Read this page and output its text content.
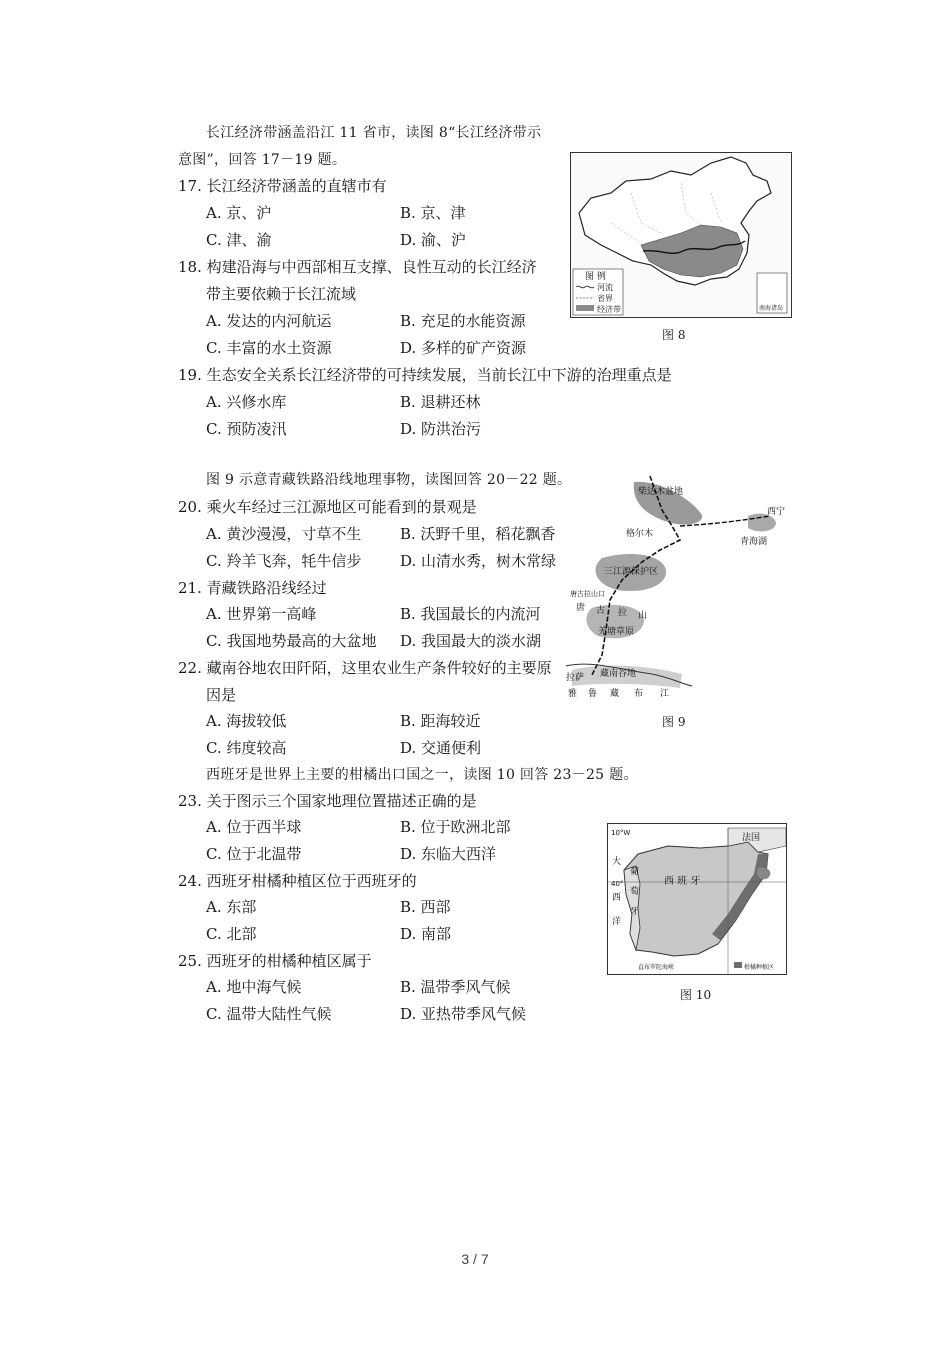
长江经济带涵盖沿江 11 省市，读图 8“长江经济带示
意图”，回答 17－19 题。
17. 长江经济带涵盖的直辖市有
A. 京、沪	B. 京、津
C. 津、渝	D. 渝、沪
18. 构建沿海与中西部相互支撑、良性互动的长江经济
带主要依赖于长江流域
A. 发达的内河航运	B. 充足的水能资源
C. 丰富的水土资源	D. 多样的矿产资源
19. 生态安全关系长江经济带的可持续发展，当前长江中下游的治理重点是
A. 兴修水库	B. 退耕还林
C. 预防凌汛	D. 防洪治污
图 例
河流
省界
经济带	南海诸岛
图 8
图 9 示意青藏铁路沿线地理事物，读图回答 20－22 题。
20. 乘火车经过三江源地区可能看到的景观是
A. 黄沙漫漫，寸草不生	B. 沃野千里，稻花飘香
C. 羚羊飞奔，牦牛信步	D. 山清水秀，树木常绿
21. 青藏铁路沿线经过
A. 世界第一高峰	B. 我国最长的内流河
C. 我国地势最高的大盆地 D. 我国最大的淡水湖
22. 藏南谷地农田阡陌，这里农业生产条件较好的主要原
因是
A. 海拔较低	B. 距海较近
C. 纬度较高	D. 交通便利
柴达木盆地
格尔木
西宁
青海湖
三江源保护区
唐古拉山口
唐 古 拉 山
羌塘草原
拉萨 藏南谷地
雅 鲁 藏 布 江
图 9
西班牙是世界上主要的柑橘出口国之一，读图 10 回答 23－25 题。
23. 关于图示三个国家地理位置描述正确的是
A. 位于西半球	B. 位于欧洲北部
C. 位于北温带	D. 东临大西洋
24. 西班牙柑橘种植区位于西班牙的
A. 东部	B. 西部
C. 北部	D. 南部
25. 西班牙的柑橘种植区属于
A. 地中海气候	B. 温带季风气候
C. 温带大陆性气候	D. 亚热带季风气候
10°W
40°
法国
西 班 牙
葡
萄
牙
大
西
洋
直布罗陀海峡	柑橘种植区
图 10
3 / 7
